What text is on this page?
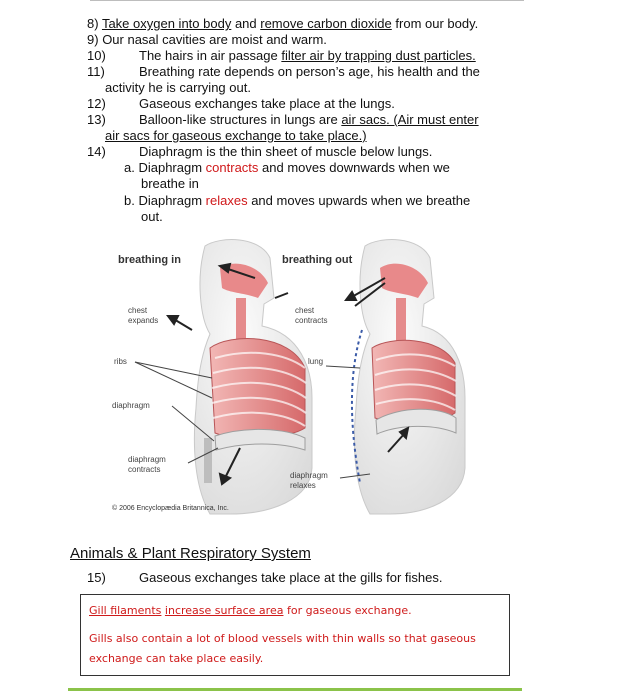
8) Take oxygen into body and remove carbon dioxide from our body.
9) Our nasal cavities are moist and warm.
10)	The hairs in air passage filter air by trapping dust particles.
11)	Breathing rate depends on person’s age, his health and the
activity he is carrying out.
12)	Gaseous exchanges take place at the lungs.
13)	Balloon-like structures in lungs are air sacs. (Air must enter
air sacs for gaseous exchange to take place.)
14)	Diaphragm is the thin sheet of muscle below lungs.
a. Diaphragm contracts and moves downwards when we
breathe in
b. Diaphragm relaxes and moves upwards when we breathe
out.
breathing in	breathing out
chest
expands
ribs
diaphragm
diaphragm
contracts
chest
contracts
lung
diaphragm
relaxes
© 2006 Encyclopædia Britannica, Inc.
Animals & Plant Respiratory System
15)	Gaseous exchanges take place at the gills for fishes.

Gill filaments increase surface area for gaseous exchange.

Gills also contain a lot of blood vessels with thin walls so that gaseous

exchange can take place easily.
